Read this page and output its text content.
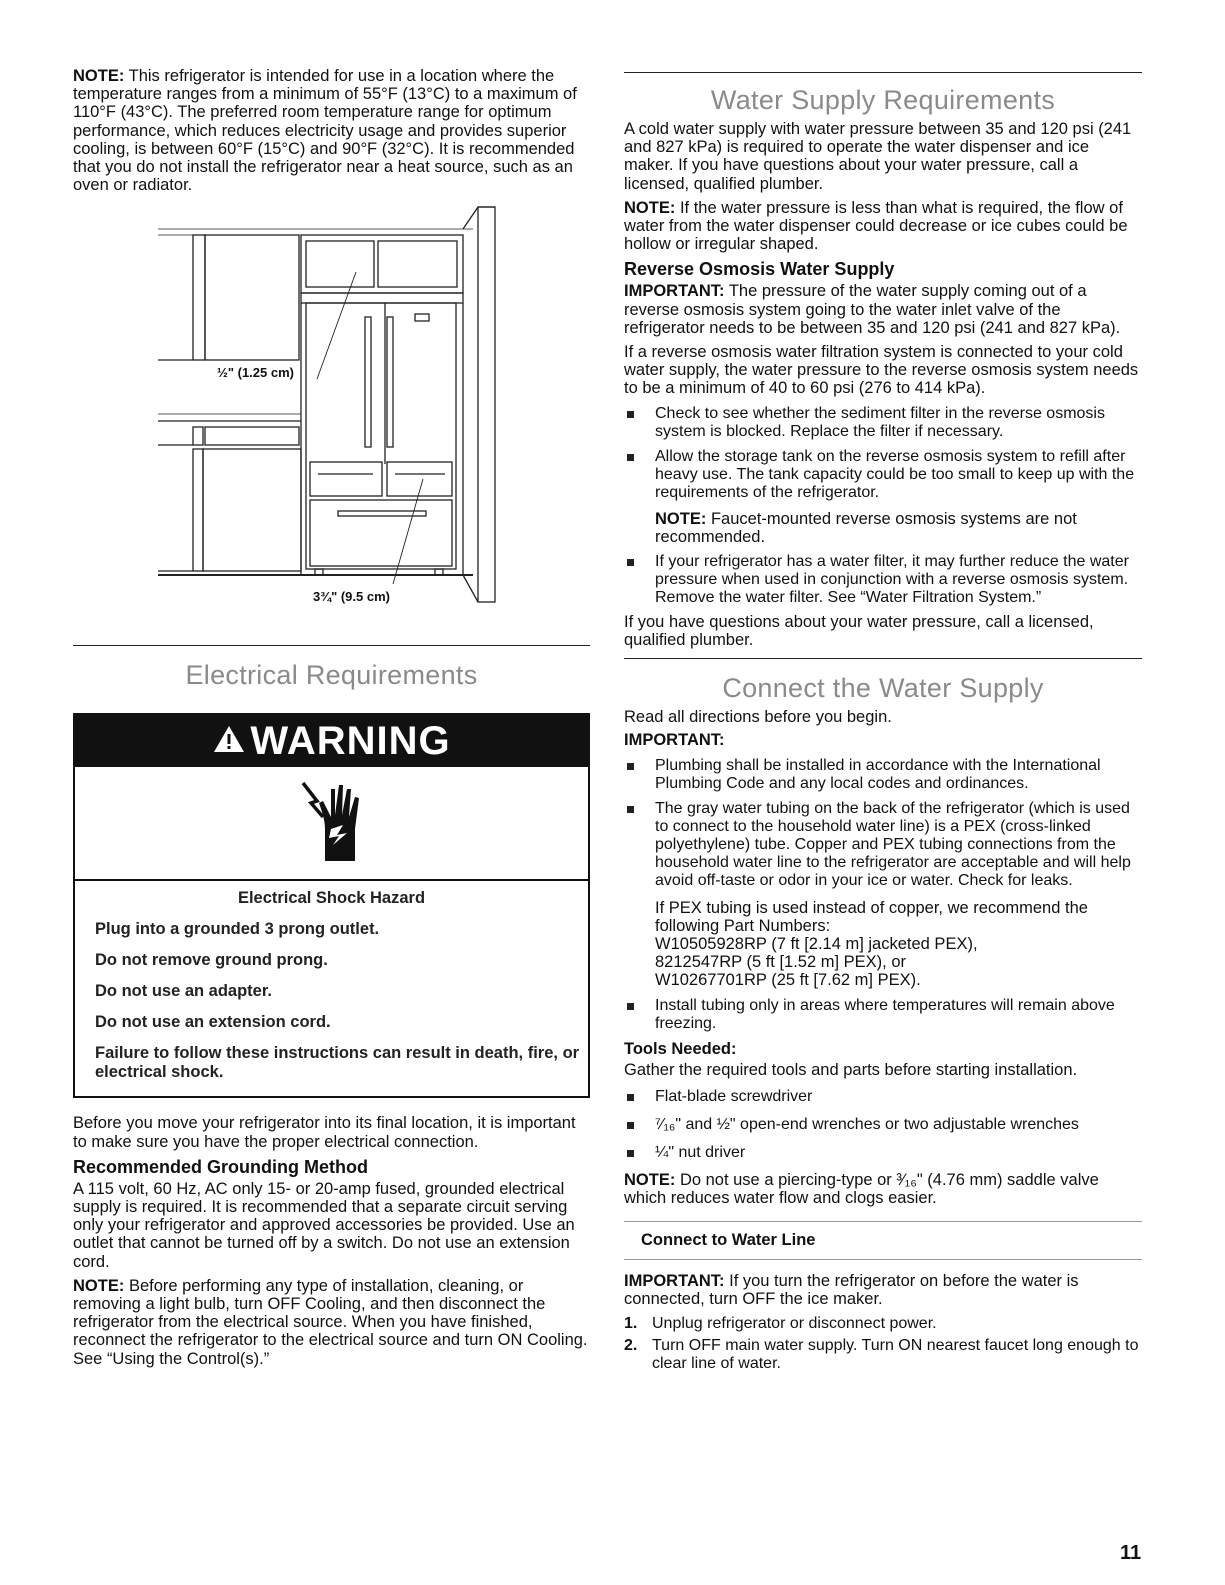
NOTE: This refrigerator is intended for use in a location where the temperature ranges from a minimum of 55°F (13°C) to a maximum of 110°F (43°C). The preferred room temperature range for optimum performance, which reduces electricity usage and provides superior cooling, is between 60°F (15°C) and 90°F (32°C). It is recommended that you do not install the refrigerator near a heat source, such as an oven or radiator.

½" (1.25 cm)
3¾" (9.5 cm)
Electrical Requirements
WARNING

Electrical Shock Hazard

Plug into a grounded 3 prong outlet.

Do not remove ground prong.

Do not use an adapter.

Do not use an extension cord.

Failure to follow these instructions can result in death, fire, or electrical shock.

Before you move your refrigerator into its final location, it is important to make sure you have the proper electrical connection.

Recommended Grounding Method

A 115 volt, 60 Hz, AC only 15- or 20-amp fused, grounded electrical supply is required. It is recommended that a separate circuit serving only your refrigerator and approved accessories be provided. Use an outlet that cannot be turned off by a switch. Do not use an extension cord.

NOTE: Before performing any type of installation, cleaning, or removing a light bulb, turn OFF Cooling, and then disconnect the refrigerator from the electrical source. When you have finished, reconnect the refrigerator to the electrical source and turn ON Cooling. See “Using the Control(s).”

Water Supply Requirements

A cold water supply with water pressure between 35 and 120 psi (241 and 827 kPa) is required to operate the water dispenser and ice maker. If you have questions about your water pressure, call a licensed, qualified plumber.

NOTE: If the water pressure is less than what is required, the flow of water from the water dispenser could decrease or ice cubes could be hollow or irregular shaped.

Reverse Osmosis Water Supply

IMPORTANT: The pressure of the water supply coming out of a reverse osmosis system going to the water inlet valve of the refrigerator needs to be between 35 and 120 psi (241 and 827 kPa).

If a reverse osmosis water filtration system is connected to your cold water supply, the water pressure to the reverse osmosis system needs to be a minimum of 40 to 60 psi (276 to 414 kPa).

Check to see whether the sediment filter in the reverse osmosis system is blocked. Replace the filter if necessary.
Allow the storage tank on the reverse osmosis system to refill after heavy use. The tank capacity could be too small to keep up with the requirements of the refrigerator.

NOTE: Faucet-mounted reverse osmosis systems are not recommended.

If your refrigerator has a water filter, it may further reduce the water pressure when used in conjunction with a reverse osmosis system. Remove the water filter. See “Water Filtration System.”

If you have questions about your water pressure, call a licensed, qualified plumber.

Connect the Water Supply

Read all directions before you begin.

IMPORTANT:
Plumbing shall be installed in accordance with the International Plumbing Code and any local codes and ordinances.
The gray water tubing on the back of the refrigerator (which is used to connect to the household water line) is a PEX (cross-linked polyethylene) tube. Copper and PEX tubing connections from the household water line to the refrigerator are acceptable and will help avoid off-taste or odor in your ice or water. Check for leaks.

If PEX tubing is used instead of copper, we recommend the following Part Numbers:

W10505928RP (7 ft [2.14 m] jacketed PEX),

8212547RP (5 ft [1.52 m] PEX), or

W10267701RP (25 ft [7.62 m] PEX).

Install tubing only in areas where temperatures will remain above freezing.
Tools Needed:

Gather the required tools and parts before starting installation.

Flat-blade screwdriver
⁷⁄₁₆" and ½" open-end wrenches or two adjustable wrenches
¼" nut driver

NOTE: Do not use a piercing-type or ³⁄₁₆" (4.76 mm) saddle valve which reduces water flow and clogs easier.

Connect to Water Line

IMPORTANT: If you turn the refrigerator on before the water is connected, turn OFF the ice maker.

1. Unplug refrigerator or disconnect power.
2. Turn OFF main water supply. Turn ON nearest faucet long enough to clear line of water.
11
